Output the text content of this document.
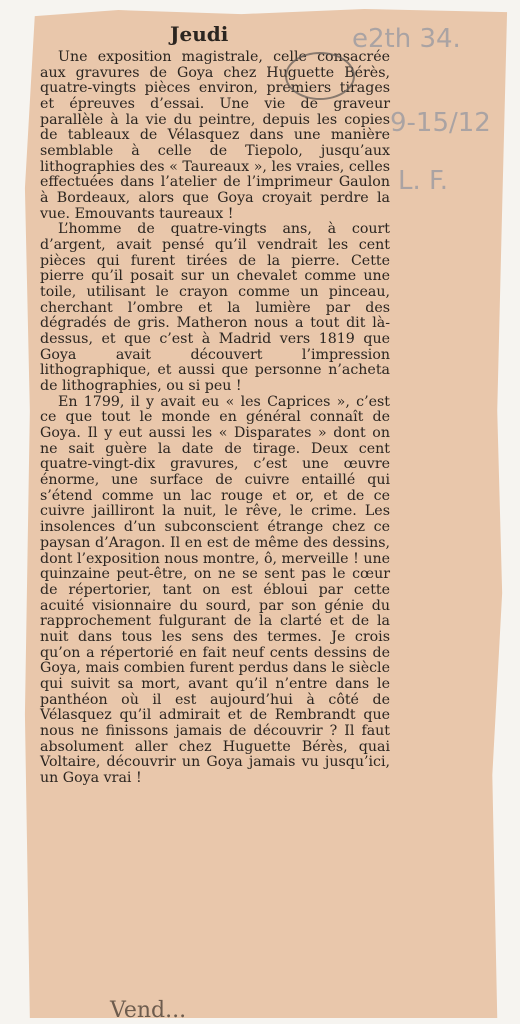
Jeudi

Une exposition magistrale, celle consacrée aux gravures de Goya chez Huguette Bérès, quatre-vingts pièces environ, premiers tirages et épreuves d’essai. Une vie de graveur parallèle à la vie du peintre, depuis les copies de tableaux de Vélasquez dans une manière semblable à celle de Tiepolo, jusqu’aux lithographies des « Taureaux », les vraies, celles effectuées dans l’atelier de l’imprimeur Gaulon à Bordeaux, alors que Goya croyait perdre la vue. Emouvants taureaux !

L’homme de quatre-vingts ans, à court d’argent, avait pensé qu’il vendrait les cent pièces qui furent tirées de la pierre. Cette pierre qu’il posait sur un chevalet comme une toile, utilisant le crayon comme un pinceau, cherchant l’ombre et la lumière par des dégradés de gris. Matheron nous a tout dit là-dessus, et que c’est à Madrid vers 1819 que Goya avait découvert l’impression lithographique, et aussi que personne n’acheta de lithographies, ou si peu !

En 1799, il y avait eu « les Caprices », c’est ce que tout le monde en général connaît de Goya. Il y eut aussi les « Disparates » dont on ne sait guère la date de tirage. Deux cent quatre-vingt-dix gravures, c’est une œuvre énorme, une surface de cuivre entaillé qui s’étend comme un lac rouge et or, et de ce cuivre jailliront la nuit, le rêve, le crime. Les insolences d’un subconscient étrange chez ce paysan d’Aragon. Il en est de même des dessins, dont l’exposition nous montre, ô, merveille ! une quinzaine peut-être, on ne se sent pas le cœur de répertorier, tant on est ébloui par cette acuité visionnaire du sourd, par son génie du rapprochement fulgurant de la clarté et de la nuit dans tous les sens des termes. Je crois qu’on a répertorié en fait neuf cents dessins de Goya, mais combien furent perdus dans le siècle qui suivit sa mort, avant qu’il n’entre dans le panthéon où il est aujourd’hui à côté de Vélasquez qu’il admirait et de Rembrandt que nous ne finissons jamais de découvrir ? Il faut absolument aller chez Huguette Bérès, quai Voltaire, découvrir un Goya jamais vu jusqu’ici, un Goya vrai !

Vend...
e2th 34.
9-15/12
L. F.
